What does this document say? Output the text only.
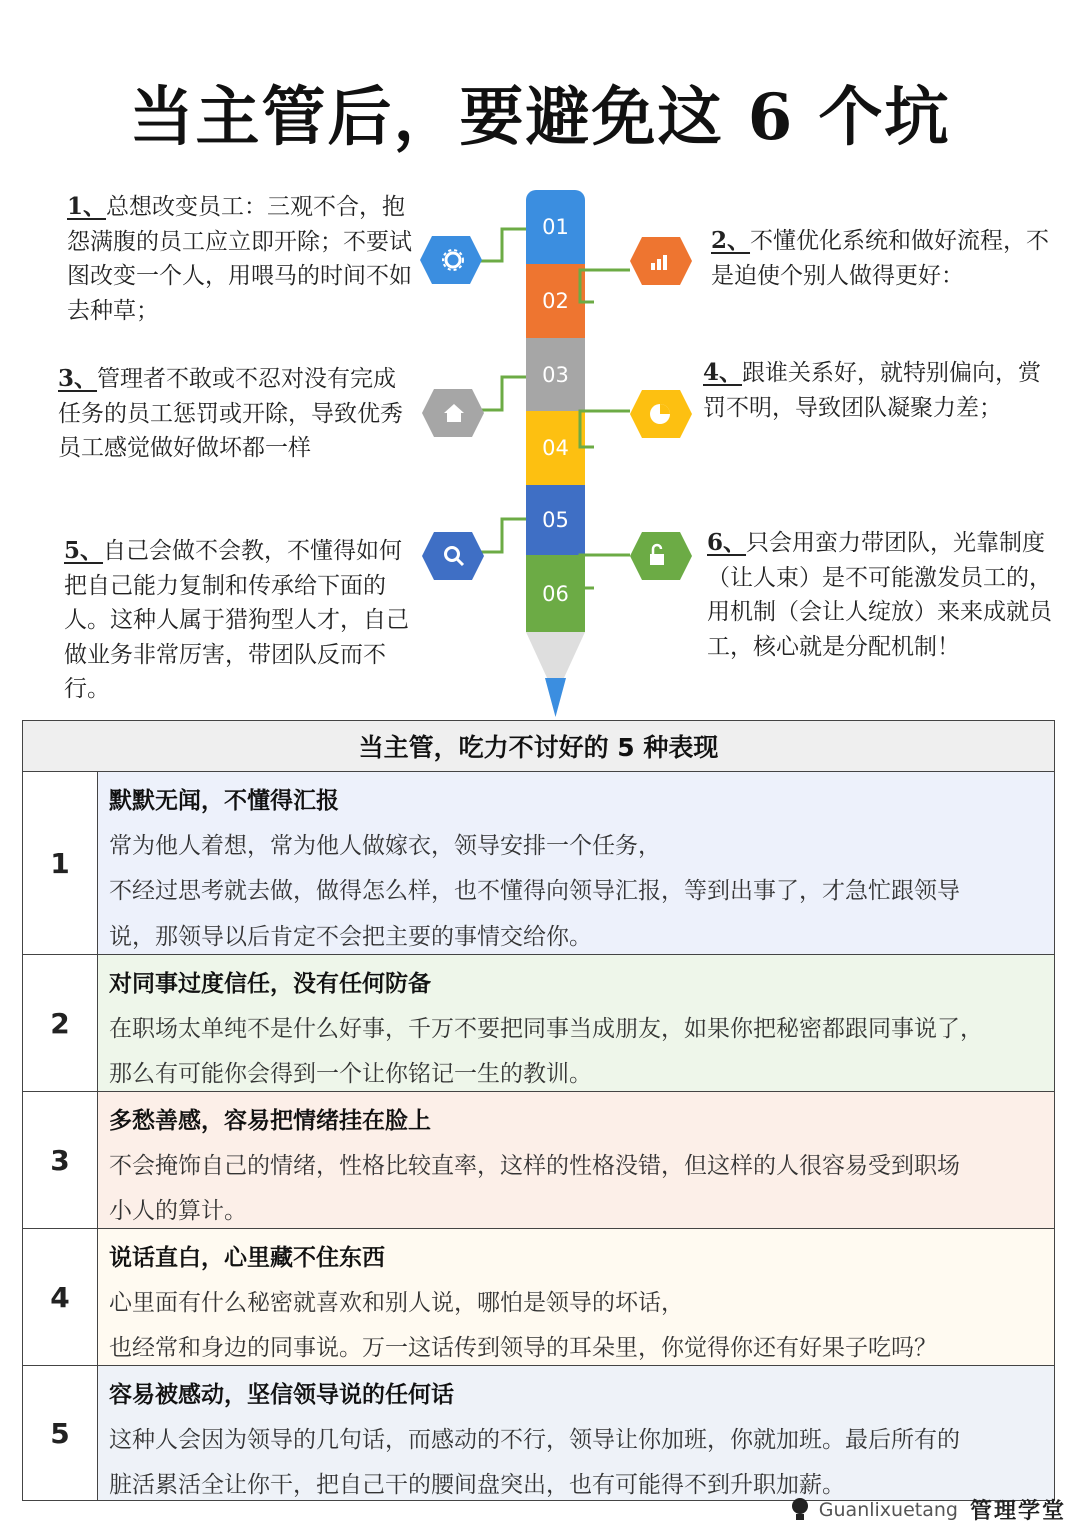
当主管后，要避免这 6 个坑
1、总想改变员工：三观不合，抱怨满腹的员工应立即开除；不要试图改变一个人，用喂马的时间不如去种草；
2、不懂优化系统和做好流程，不是迫使个别人做得更好：
3、管理者不敢或不忍对没有完成任务的员工惩罚或开除，导致优秀员工感觉做好做坏都一样
4、跟谁关系好，就特别偏向，赏罚不明，导致团队凝聚力差；
5、自己会做不会教，不懂得如何把自己能力复制和传承给下面的人。这种人属于猎狗型人才，自己做业务非常厉害，带团队反而不行。
6、只会用蛮力带团队，光靠制度（让人束）是不可能激发员工的，用机制（会让人绽放）来来成就员工，核心就是分配机制！
01
02
03
04
05
06
当主管，吃力不讨好的 5 种表现
1
默默无闻，不懂得汇报
常为他人着想，常为他人做嫁衣，领导安排一个任务，
不经过思考就去做，做得怎么样，也不懂得向领导汇报，等到出事了，才急忙跟领导
说，那领导以后肯定不会把主要的事情交给你。
2
对同事过度信任，没有任何防备
在职场太单纯不是什么好事，千万不要把同事当成朋友，如果你把秘密都跟同事说了，
那么有可能你会得到一个让你铭记一生的教训。
3
多愁善感，容易把情绪挂在脸上
不会掩饰自己的情绪，性格比较直率，这样的性格没错，但这样的人很容易受到职场
小人的算计。
4
说话直白，心里藏不住东西
心里面有什么秘密就喜欢和别人说，哪怕是领导的坏话，
也经常和身边的同事说。万一这话传到领导的耳朵里，你觉得你还有好果子吃吗？
5
容易被感动，坚信领导说的任何话
这种人会因为领导的几句话，而感动的不行，领导让你加班，你就加班。最后所有的
脏活累活全让你干，把自己干的腰间盘突出，也有可能得不到升职加薪。
Guanlixuetang 管理学堂
